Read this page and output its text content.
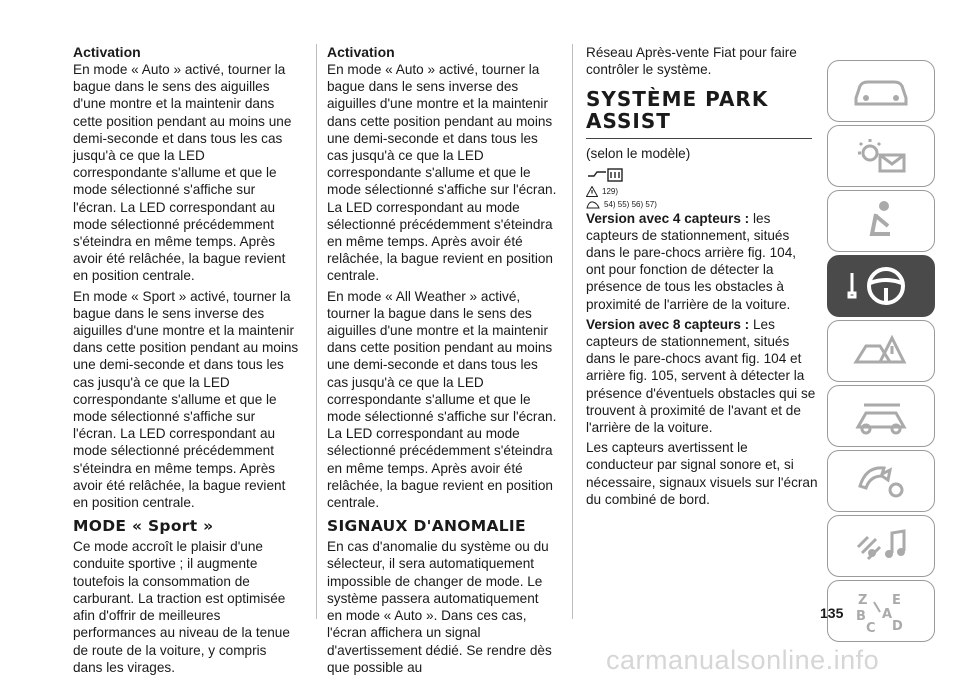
Activation

En mode « Auto » activé, tourner la bague dans le sens des aiguilles d'une montre et la maintenir dans cette position pendant au moins une demi-seconde et dans tous les cas jusqu'à ce que la LED correspondante s'allume et que le mode sélectionné s'affiche sur l'écran. La LED correspondant au mode sélectionné précédemment s'éteindra en même temps. Après avoir été relâchée, la bague revient en position centrale.

En mode « Sport » activé, tourner la bague dans le sens inverse des aiguilles d'une montre et la maintenir dans cette position pendant au moins une demi-seconde et dans tous les cas jusqu'à ce que la LED correspondante s'allume et que le mode sélectionné s'affiche sur l'écran. La LED correspondant au mode sélectionné précédemment s'éteindra en même temps. Après avoir été relâchée, la bague revient en position centrale.

MODE « Sport »

Ce mode accroît le plaisir d'une conduite sportive ; il augmente toutefois la consommation de carburant. La traction est optimisée afin d'offrir de meilleures performances au niveau de la tenue de route de la voiture, y compris dans les virages.

Activation

En mode « Auto » activé, tourner la bague dans le sens inverse des aiguilles d'une montre et la maintenir dans cette position pendant au moins une demi-seconde et dans tous les cas jusqu'à ce que la LED correspondante s'allume et que le mode sélectionné s'affiche sur l'écran. La LED correspondant au mode sélectionné précédemment s'éteindra en même temps. Après avoir été relâchée, la bague revient en position centrale.

En mode « All Weather » activé, tourner la bague dans le sens des aiguilles d'une montre et la maintenir dans cette position pendant au moins une demi-seconde et dans tous les cas jusqu'à ce que la LED correspondante s'allume et que le mode sélectionné s'affiche sur l'écran. La LED correspondant au mode sélectionné précédemment s'éteindra en même temps. Après avoir été relâchée, la bague revient en position centrale.

SIGNAUX D'ANOMALIE

En cas d'anomalie du système ou du sélecteur, il sera automatiquement impossible de changer de mode. Le système passera automatiquement en mode « Auto ». Dans ces cas, l'écran affichera un signal d'avertissement dédié. Se rendre dès que possible au

Réseau Après-vente Fiat pour faire contrôler le système.

SYSTÈME PARK ASSIST

(selon le modèle)

129)
54) 55) 56) 57)

Version avec 4 capteurs : les capteurs de stationnement, situés dans le pare-chocs arrière fig. 104, ont pour fonction de détecter la présence de tous les obstacles à proximité de l'arrière de la voiture.

Version avec 8 capteurs : Les capteurs de stationnement, situés dans le pare-chocs avant fig. 104 et arrière fig. 105, servent à détecter la présence d'éventuels obstacles qui se trouvent à proximité de l'avant et de l'arrière de la voiture.

Les capteurs avertissent le conducteur par signal sonore et, si nécessaire, signaux visuels sur l'écran du combiné de bord.

Z E
B A
C D
135
carmanualsonline.info
